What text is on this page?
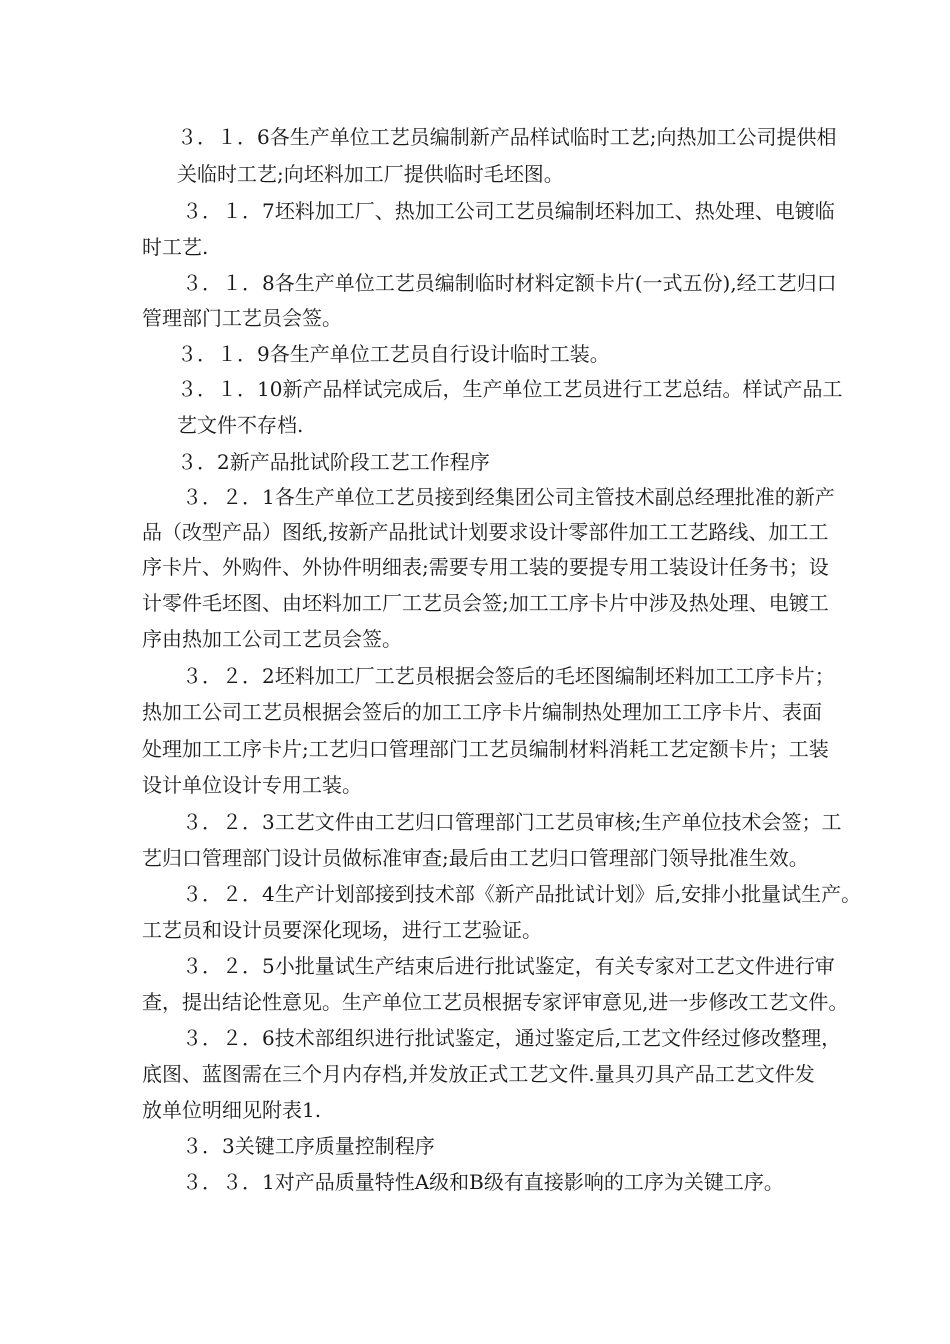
３．１．6各生产单位工艺员编制新产品样试临时工艺;向热加工公司提供相
关临时工艺;向坯料加工厂提供临时毛坯图。
３．１．7坯料加工厂、热加工公司工艺员编制坯料加工、热处理、电镀临
时工艺.
３．１．8各生产单位工艺员编制临时材料定额卡片(一式五份),经工艺归口
管理部门工艺员会签。
３．１．9各生产单位工艺员自行设计临时工装。
３．１．10新产品样试完成后，生产单位工艺员进行工艺总结。样试产品工
艺文件不存档.
３．2新产品批试阶段工艺工作程序
３．２．1各生产单位工艺员接到经集团公司主管技术副总经理批准的新产
品（改型产品）图纸,按新产品批试计划要求设计零部件加工工艺路线、加工工
序卡片、外购件、外协件明细表;需要专用工装的要提专用工装设计任务书；设
计零件毛坯图、由坯料加工厂工艺员会签;加工工序卡片中涉及热处理、电镀工
序由热加工公司工艺员会签。
３．２．2坯料加工厂工艺员根据会签后的毛坯图编制坯料加工工序卡片；
热加工公司工艺员根据会签后的加工工序卡片编制热处理加工工序卡片、表面
处理加工工序卡片;工艺归口管理部门工艺员编制材料消耗工艺定额卡片；工装
设计单位设计专用工装。
３．２．3工艺文件由工艺归口管理部门工艺员审核;生产单位技术会签；工
艺归口管理部门设计员做标准审查;最后由工艺归口管理部门领导批准生效。
３．２．4生产计划部接到技术部《新产品批试计划》后,安排小批量试生产。
工艺员和设计员要深化现场，进行工艺验证。
３．２．5小批量试生产结束后进行批试鉴定，有关专家对工艺文件进行审
查，提出结论性意见。生产单位工艺员根据专家评审意见,进一步修改工艺文件。
３．２．6技术部组织进行批试鉴定，通过鉴定后,工艺文件经过修改整理，
底图、蓝图需在三个月内存档,并发放正式工艺文件.量具刃具产品工艺文件发
放单位明细见附表1.
３．3关键工序质量控制程序
３．３．1对产品质量特性A级和B级有直接影响的工序为关键工序。
